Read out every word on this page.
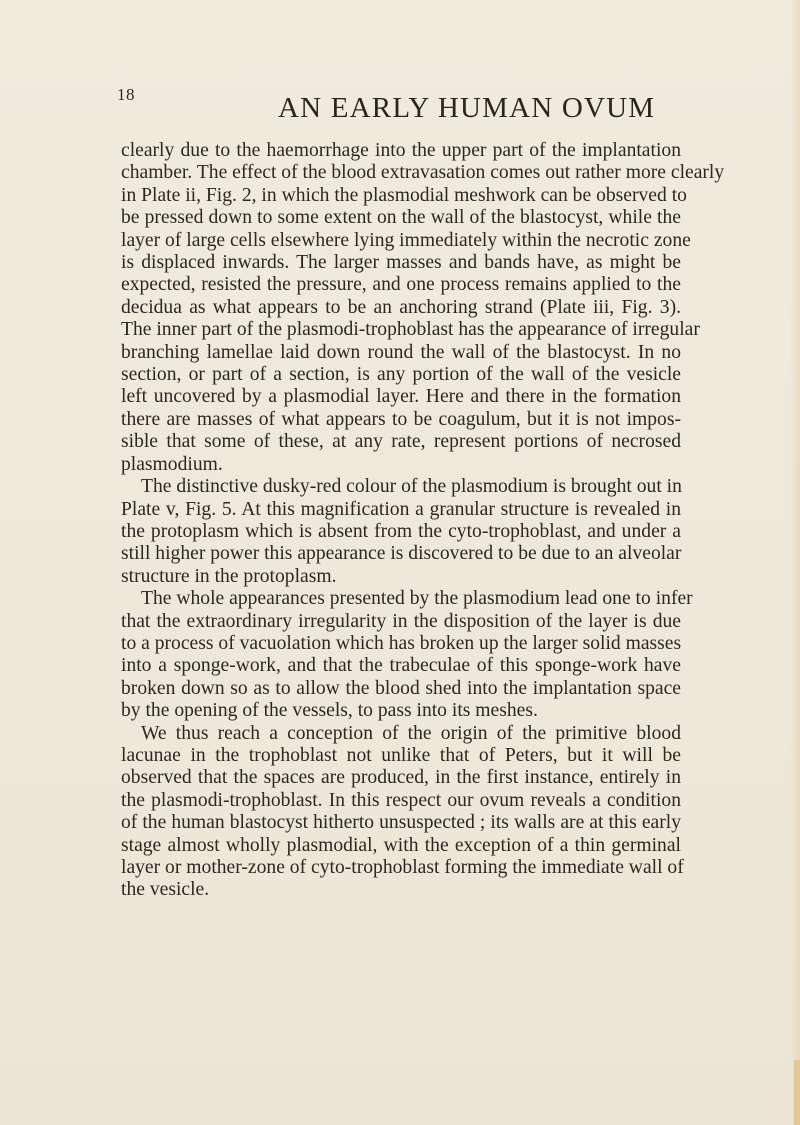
18	AN EARLY HUMAN OVUM
clearly due to the haemorrhage into the upper part of the implantation
chamber. The effect of the blood extravasation comes out rather more clearly
in Plate ii, Fig. 2, in which the plasmodial meshwork can be observed to
be pressed down to some extent on the wall of the blastocyst, while the
layer of large cells elsewhere lying immediately within the necrotic zone
is displaced inwards. The larger masses and bands have, as might be
expected, resisted the pressure, and one process remains applied to the
decidua as what appears to be an anchoring strand (Plate iii, Fig. 3).
The inner part of the plasmodi-trophoblast has the appearance of irregular
branching lamellae laid down round the wall of the blastocyst. In no
section, or part of a section, is any portion of the wall of the vesicle
left uncovered by a plasmodial layer. Here and there in the formation
there are masses of what appears to be coagulum, but it is not impos-
sible that some of these, at any rate, represent portions of necrosed
plasmodium.
The distinctive dusky-red colour of the plasmodium is brought out in
Plate v, Fig. 5. At this magnification a granular structure is revealed in
the protoplasm which is absent from the cyto-trophoblast, and under a
still higher power this appearance is discovered to be due to an alveolar
structure in the protoplasm.
The whole appearances presented by the plasmodium lead one to infer
that the extraordinary irregularity in the disposition of the layer is due
to a process of vacuolation which has broken up the larger solid masses
into a sponge-work, and that the trabeculae of this sponge-work have
broken down so as to allow the blood shed into the implantation space
by the opening of the vessels, to pass into its meshes.
We thus reach a conception of the origin of the primitive blood
lacunae in the trophoblast not unlike that of Peters, but it will be
observed that the spaces are produced, in the first instance, entirely in
the plasmodi-trophoblast. In this respect our ovum reveals a condition
of the human blastocyst hitherto unsuspected ; its walls are at this early
stage almost wholly plasmodial, with the exception of a thin germinal
layer or mother-zone of cyto-trophoblast forming the immediate wall of
the vesicle.
